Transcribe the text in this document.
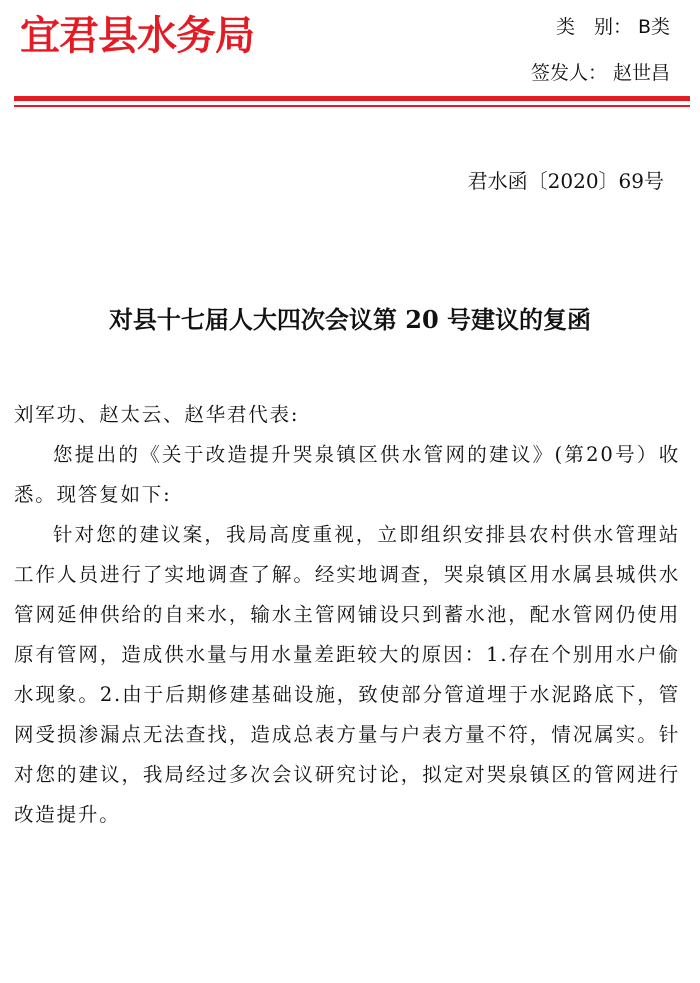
宜君县水务局	类　别： B类
签发人： 赵世昌
君水函〔2020〕69号
对县十七届人大四次会议第 20 号建议的复函

刘军功、赵太云、赵华君代表:

您提出的《关于改造提升哭泉镇区供水管网的建议》(第20号）收悉。现答复如下:

针对您的建议案，我局高度重视，立即组织安排县农村供水管理站工作人员进行了实地调查了解。经实地调查，哭泉镇区用水属县城供水管网延伸供给的自来水，输水主管网铺设只到蓄水池，配水管网仍使用原有管网，造成供水量与用水量差距较大的原因：1.存在个别用水户偷水现象。2.由于后期修建基础设施，致使部分管道埋于水泥路底下，管网受损渗漏点无法查找，造成总表方量与户表方量不符，情况属实。针对您的建议，我局经过多次会议研究讨论，拟定对哭泉镇区的管网进行改造提升。
